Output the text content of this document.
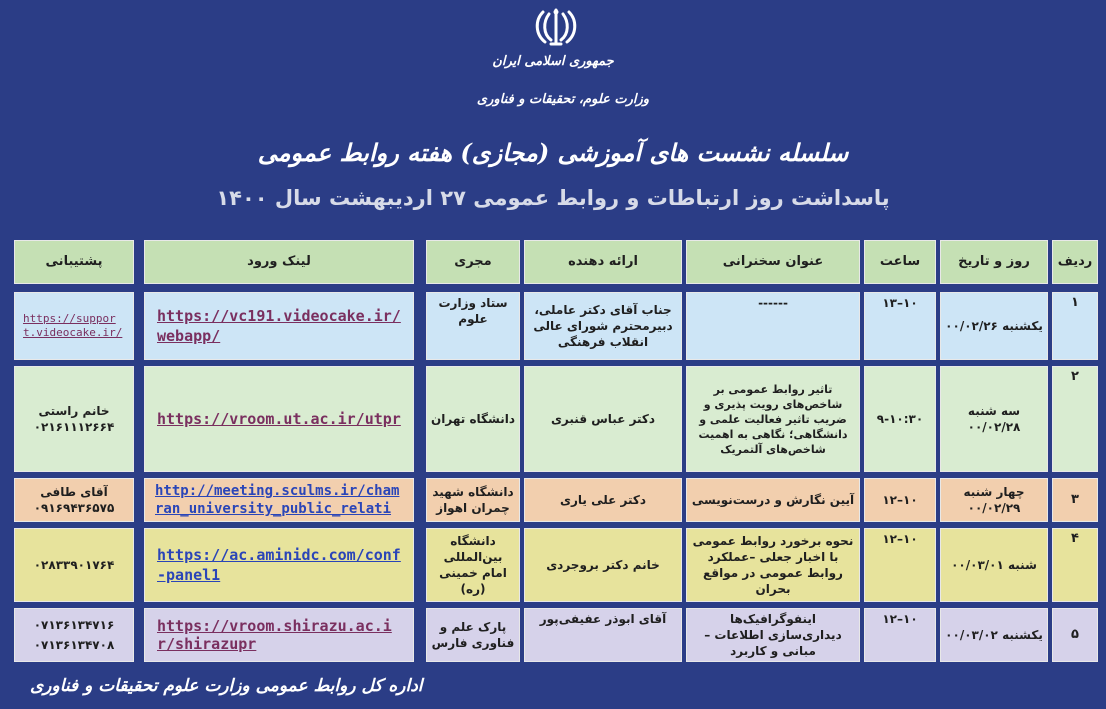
جمهوری اسلامی ایران
وزارت علوم، تحقیقات و فناوری
سلسله نشست های آموزشی (مجازی) هفته روابط عمومی
پاسداشت روز ارتباطات و روابط عمومی ۲۷ اردیبهشت سال ۱۴۰۰
ردیف
روز و تاریخ
ساعت
عنوان سخنرانی
ارائه دهنده
مجری
لینک ورود
پشتیبانی
۱
یکشنبه ۰۰/۰۲/۲۶
۱۰–۱۳
------
جناب آقای دکتر عاملی، دبیرمحترم شورای عالی انقلاب فرهنگی
ستاد وزارت علوم
https://vc191.videocake.ir/webapp/
https://support.videocake.ir/
۲
سه شنبه ۰۰/۰۲/۲۸
۹-۱۰:۳۰
تاثیر روابط عمومی بر شاخص‌های رویت پذیری و ضریب تاثیر فعالیت علمی و دانشگاهی؛ نگاهی به اهمیت شاخص‌های آلتمریک
دکتر عباس قنبری
دانشگاه تهران
https://vroom.ut.ac.ir/utpr
خانم راستی ۰۲۱۶۱۱۱۲۶۶۴
۳
چهار شنبه ۰۰/۰۲/۲۹
۱۰–۱۲
آیین نگارش و درست‌نویسی
دکتر علی یاری
دانشگاه شهید چمران اهواز
http://meeting.sculms.ir/chamran_university_public_relati
آقای طافی ۰۹۱۶۹۴۳۶۵۷۵
۴
شنبه ۰۰/۰۳/۰۱
۱۰–۱۲
نحوه برخورد روابط عمومی با اخبار جعلی –عملکرد روابط عمومی در مواقع بحران
خانم دکتر بروجردی
دانشگاه بین‌المللی امام خمینی (ره)
https://ac.aminidc.com/conf-panel1
۰۲۸۳۳۹۰۱۷۶۴
۵
یکشنبه ۰۰/۰۳/۰۲
۱۰–۱۲
اینفوگرافیک‌ها دیداری‌سازی اطلاعات – مبانی و کاربرد
آقای ابوذر عفیفی‌پور
پارک علم و فناوری فارس
https://vroom.shirazu.ac.ir/shirazupr
۰۷۱۳۶۱۳۴۷۱۶ ۰۷۱۳۶۱۳۴۷۰۸
اداره کل روابط عمومی وزارت علوم تحقیقات و فناوری
